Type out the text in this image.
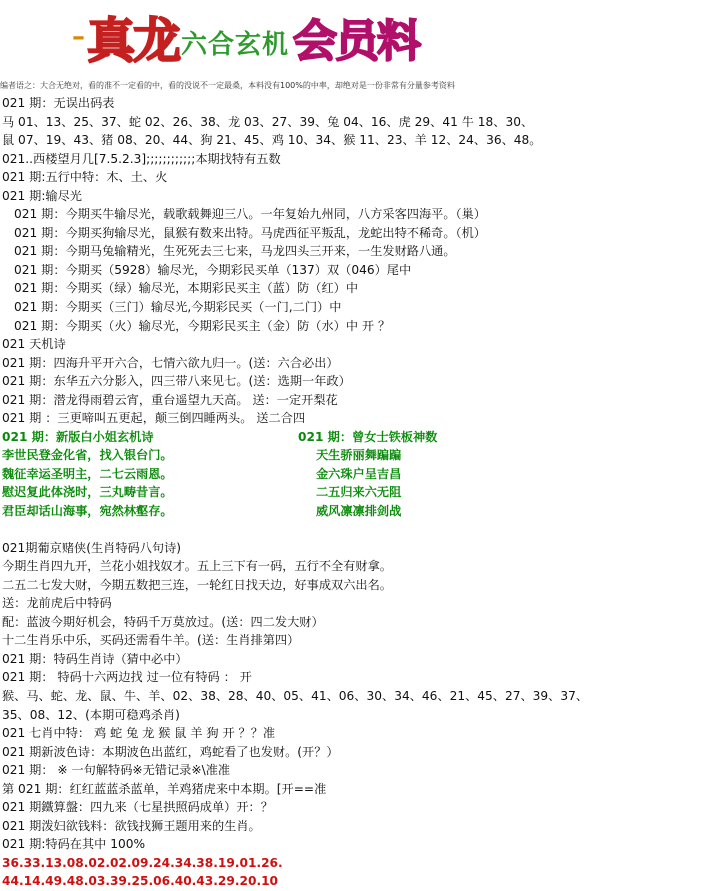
– 真龙 六合玄机 会员料
编者语之：大合无绝对，看的准不一定看的中，看的没说不一定最桑，本料没有100%的中率，却绝对是一份非常有分量参考资料
021 期：无误出码表
马 01、13、25、37、蛇 02、26、38、龙 03、27、39、兔 04、16、虎 29、41 牛 18、30、
鼠 07、19、43、猪 08、20、44、狗 21、45、鸡 10、34、猴 11、23、羊 12、24、36、48。
021..西楼望月几[7.5.2.3];;;;;;;;;;;;本期找特有五数
021 期:五行中特：木、土、火
021 期:输尽光
021 期：今期买牛输尽光，载歌载舞迎三八。一年复始九州同，八方采客四海平。（巢）
021 期：今期买狗输尽光，鼠猴有数来出特。马虎西征平叛乱，龙蛇出特不稀奇。（机）
021 期：今期马兔输精光，生死死去三七来，马龙四头三开来，一生发财路八通。
021 期：今期买（5928）输尽光，今期彩民买单（137）双（046）尾中
021 期：今期买（绿）输尽光，本期彩民买主（蓝）防（红）中
021 期：今期买（三门）输尽光,今期彩民买（一门,二门）中
021 期：今期买（火）输尽光，今期彩民买主（金）防（水）中 开 ？
021 天机诗
021 期：四海升平开六合，七情六欲九归一。(送：六合必出）
021 期：东华五六分影入，四三带八来见七。(送：选期一年政）
021 期：潜龙得雨碧云宵，重台遥望九天高。 送：一定开梨花
021 期 ：三更啼叫五更起，颠三倒四睡两头。 送二合四
021 期：新版白小姐玄机诗	021 期：曾女士铁板神数
李世民登金化省，找入银台门。	天生骄丽舞蹁蹁
魏征幸运圣明主，二七云雨恩。	金六珠户呈吉昌
慰迟复此体浇时，三丸畴昔言。	二五归来六无阻
君臣却话山海事，宛然林壑存。	威风凛凛排剑战
021期葡京赌侠(生肖特码八句诗)
今期生肖四九开，兰花小姐找奴才。五上三下有一码，五行不全有财拿。
二五二七发大财，今期五数把三连，一轮红日找天边，好事成双六出名。
送：龙前虎后中特码
配：蓝波今期好机会，特码千万莫放过。(送：四二发大财）
十二生肖乐中乐，买码还需看牛羊。(送：生肖排第四）
021 期：特码生肖诗（猜中必中）
021 期： 特码十六两边找 过一位有特码 ： 开
猴、马、蛇、龙、鼠、牛、羊、02、38、28、40、05、41、06、30、34、46、21、45、27、39、37、
35、08、12、(本期可稳鸡杀肖)
021 七肖中特： 鸡 蛇 兔 龙 猴 鼠 羊 狗 开 ？？准
021 期新波色诗：本期波色出蓝红，鸡蛇看了也发财。(开？）
021 期： ※ 一句解特码※无错记录※\准准
第 021 期：红红蓝蓝杀蓝单，羊鸡猪虎来中本期。[开==准
021 期鐵算盤：四九来（七星拱照码成单）开：？
021 期泼妇欲钱料：欲钱找狮王题用来的生肖。
021 期:特码在其中 100%
36.33.13.08.02.02.09.24.34.38.19.01.26.
44.14.49.48.03.39.25.06.40.43.29.20.10
